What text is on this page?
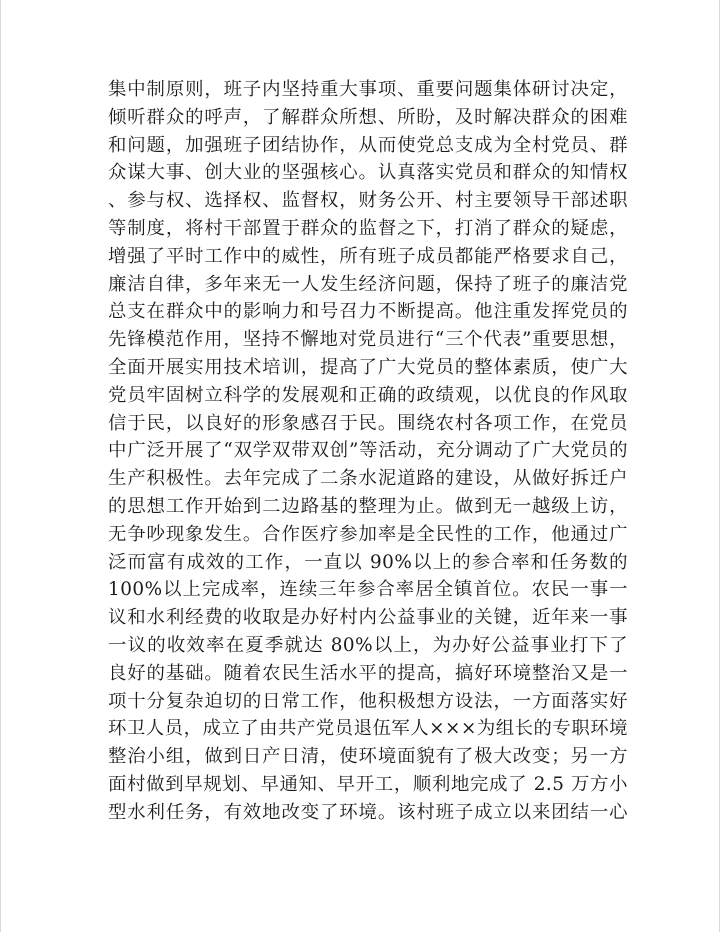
集中制原则，班子内坚持重大事项、重要问题集体研讨决定，
倾听群众的呼声，了解群众所想、所盼，及时解决群众的困难
和问题，加强班子团结协作，从而使党总支成为全村党员、群
众谋大事、创大业的坚强核心。认真落实党员和群众的知情权
、参与权、选择权、监督权，财务公开、村主要领导干部述职
等制度，将村干部置于群众的监督之下，打消了群众的疑虑，
增强了平时工作中的威性，所有班子成员都能严格要求自己，
廉洁自律，多年来无一人发生经济问题，保持了班子的廉洁党
总支在群众中的影响力和号召力不断提高。他注重发挥党员的
先锋模范作用，坚持不懈地对党员进行“三个代表”重要思想，
全面开展实用技术培训，提高了广大党员的整体素质，使广大
党员牢固树立科学的发展观和正确的政绩观，以优良的作风取
信于民，以良好的形象感召于民。围绕农村各项工作，在党员
中广泛开展了“双学双带双创”等活动，充分调动了广大党员的
生产积极性。去年完成了二条水泥道路的建设，从做好拆迁户
的思想工作开始到二边路基的整理为止。做到无一越级上访，
无争吵现象发生。合作医疗参加率是全民性的工作，他通过广
泛而富有成效的工作，一直以 90%以上的参合率和任务数的
100%以上完成率，连续三年参合率居全镇首位。农民一事一
议和水利经费的收取是办好村内公益事业的关键，近年来一事
一议的收效率在夏季就达 80%以上，为办好公益事业打下了
良好的基础。随着农民生活水平的提高，搞好环境整治又是一
项十分复杂迫切的日常工作，他积极想方设法，一方面落实好
环卫人员，成立了由共产党员退伍军人×××为组长的专职环境
整治小组，做到日产日清，使环境面貌有了极大改变；另一方
面村做到早规划、早通知、早开工，顺利地完成了 2.5 万方小
型水利任务，有效地改变了环境。该村班子成立以来团结一心
